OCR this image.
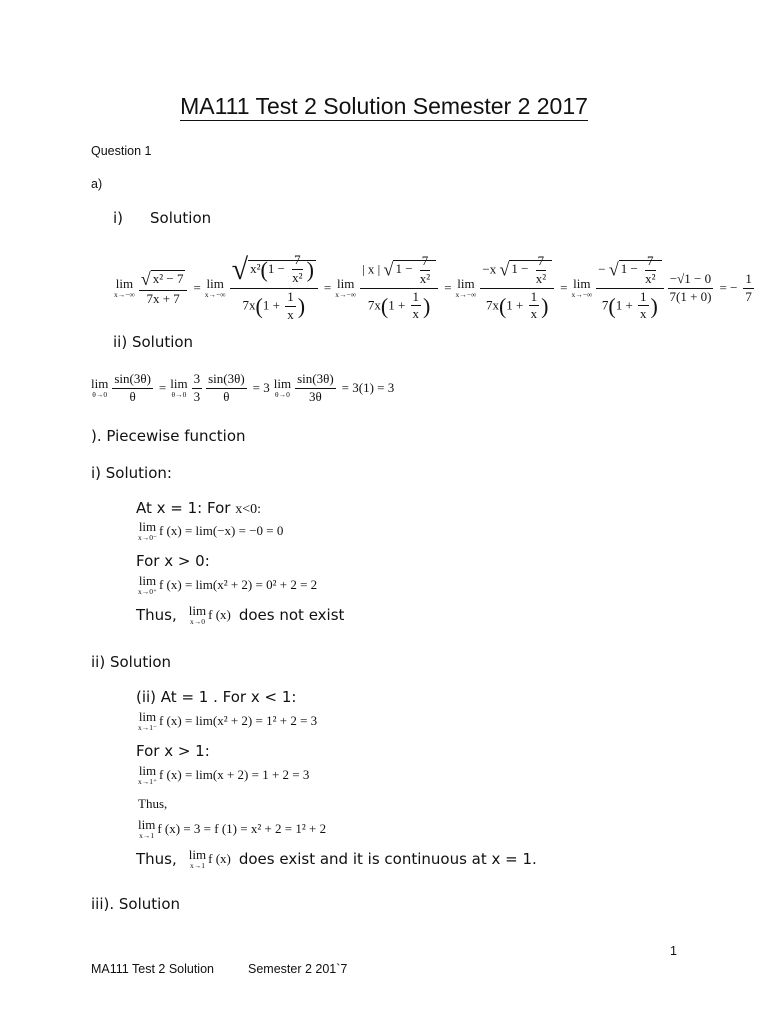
MA111 Test 2 Solution Semester 2 2017
Question 1
a)
i) Solution
lim
$x\to-\infty \frac{\text{√ x² − 7}}{7x + 7} = \lim$
$x\to-\infty \frac{√ x^2(1 - \frac{7}{\text{x²}} )}{7x(1 + \frac{1}{x} )} = \lim$
$x\to-\infty \frac{| x | √ 1 - \frac{7}{\text{x²}}}{7x(1 + \frac{1}{x} )} = \lim$
$x\to-\infty \frac{-x √ 1 - \frac{7}{\text{x²}}}{7x(1 + \frac{1}{x} )} = \lim$
$x\to-\infty \frac{- √ 1 - \frac{7}{\text{x²}}}{7(1 + \frac{1}{x} )} \frac{-√1 - 0}{7(1 + 0)}$ = − $\frac{1}{7}$
ii) Solution
lim
$\theta\to 0 \frac{\sin(3\theta)}{\theta} = \lim$
$\theta\to 0 \frac{3}{3} \frac{\sin(3\theta)}{\theta} = 3$ lim
$\theta\to 0 \frac{\sin(3\theta)}{3\theta} = 3(1) = 3$
). Piecewise function
i) Solution:
At x = 1: For x<0:
lim
x→0⁻ f (x) = lim(−x) = −0 = 0
For x > 0:
lim
x→0⁺ f (x) = lim(x² + 2) = 0² + 2 = 2
Thus, lim
x→0 f (x) does not exist
ii) Solution
(ii) At = 1 . For x < 1:
lim
x→1⁻ f (x) = lim(x² + 2) = 1² + 2 = 3
For x > 1:
lim
x→1⁺ f (x) = lim(x + 2) = 1 + 2 = 3
Thus,
lim
x→1 f (x) = 3 = f (1) = x² + 2 = 1² + 2
Thus, lim
x→1 f (x) does exist and it is continuous at x = 1.
iii). Solution
1
MA111 Test 2 Solution	Semester 2 201`7
